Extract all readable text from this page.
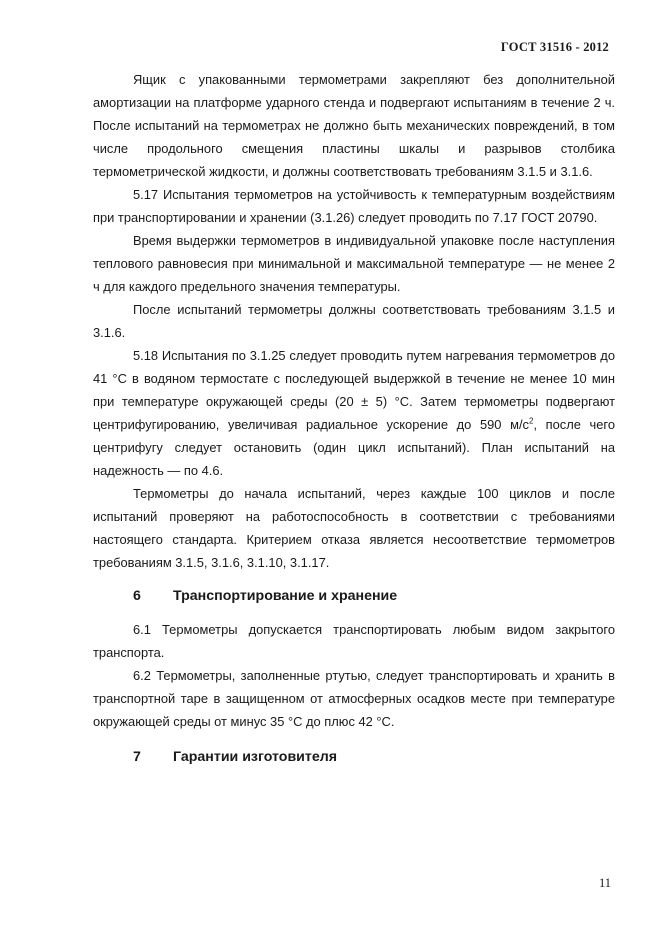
ГОСТ 31516 - 2012

Ящик с упакованными термометрами закрепляют без дополнительной амортизации на платформе ударного стенда и подвергают испытаниям в течение 2 ч. После испытаний на термометрах не должно быть механических повреждений, в том числе продольного смещения пластины шкалы и разрывов столбика термометрической жидкости, и должны соответствовать требованиям 3.1.5 и 3.1.6.

5.17 Испытания термометров на устойчивость к температурным воздействиям при транспортировании и хранении (3.1.26) следует проводить по 7.17 ГОСТ 20790.

Время выдержки термометров в индивидуальной упаковке после наступления теплового равновесия при минимальной и максимальной температуре — не менее 2 ч для каждого предельного значения температуры.

После испытаний термометры должны соответствовать требованиям 3.1.5 и 3.1.6.

5.18 Испытания по 3.1.25 следует проводить путем нагревания термометров до 41 °С в водяном термостате с последующей выдержкой в течение не менее 10 мин при температуре окружающей среды (20 ± 5) °С. Затем термометры подвергают центрифугированию, увеличивая радиальное ускорение до 590 $м/с^2$, после чего центрифугу следует остановить (один цикл испытаний). План испытаний на надежность — по 4.6.

Термометры до начала испытаний, через каждые 100 циклов и после испытаний проверяют на работоспособность в соответствии с требованиями настоящего стандарта. Критерием отказа является несоответствие термометров требованиям 3.1.5, 3.1.6, 3.1.10, 3.1.17.

6 Транспортирование и хранение

6.1 Термометры допускается транспортировать любым видом закрытого транспорта.

6.2 Термометры, заполненные ртутью, следует транспортировать и хранить в транспортной таре в защищенном от атмосферных осадков месте при температуре окружающей среды от минус 35 °С до плюс 42 °С.

7 Гарантии изготовителя
11
